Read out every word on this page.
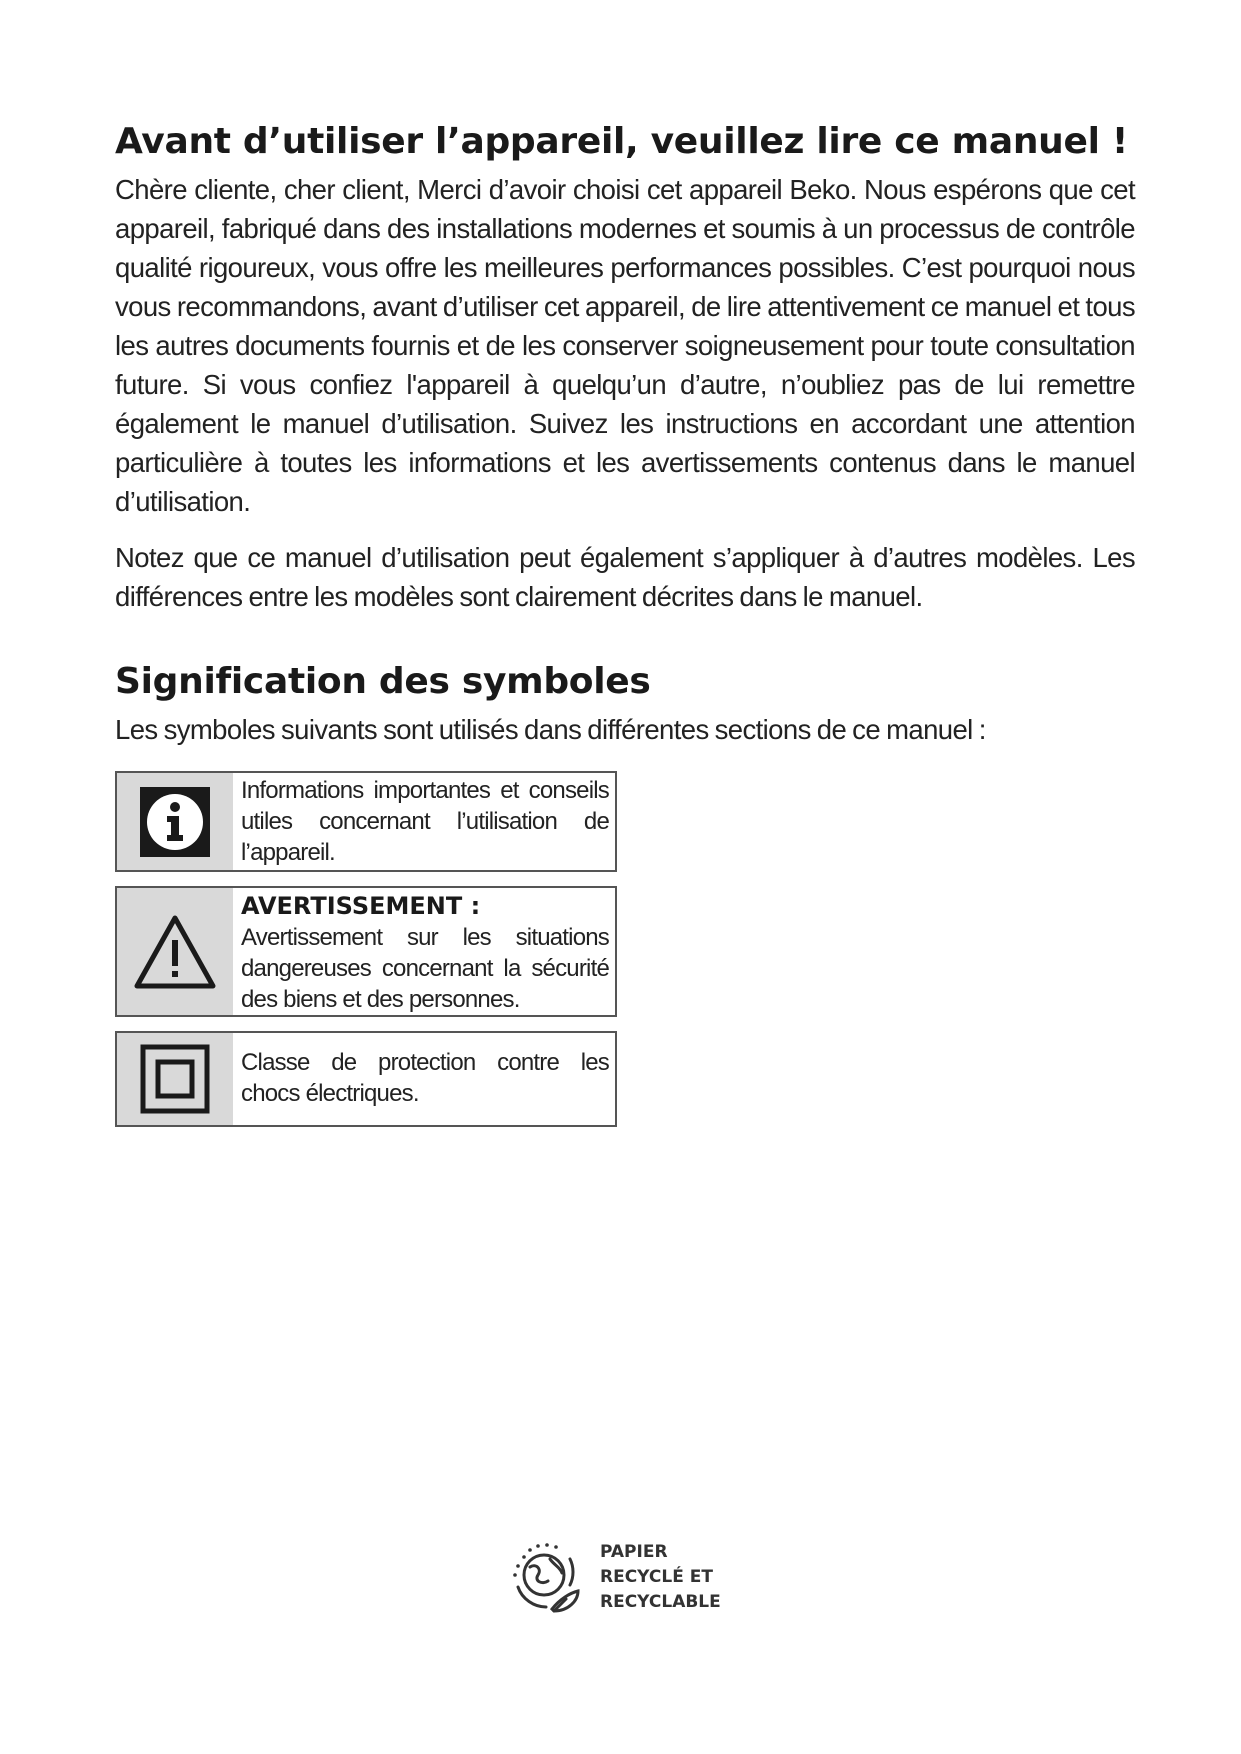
Avant d’utiliser l’appareil, veuillez lire ce manuel !

Chère cliente, cher client, Merci d’avoir choisi cet appareil Beko. Nous espérons que cet appareil, fabriqué dans des installations modernes et soumis à un processus de contrôle qualité rigoureux, vous offre les meilleures performances possibles. C’est pourquoi nous vous recommandons, avant d’utiliser cet appareil, de lire attentivement ce manuel et tous les autres documents fournis et de les conserver soigneusement pour toute consultation future. Si vous confiez l'appareil à quelqu’un d’autre, n’oubliez pas de lui remettre également le manuel d’utilisation. Suivez les instructions en accordant une attention particulière à toutes les informations et les avertissements contenus dans le manuel d’utilisation.

Notez que ce manuel d’utilisation peut également s’appliquer à d’autres modèles. Les différences entre les modèles sont clairement décrites dans le manuel.

Signification des symboles

Les symboles suivants sont utilisés dans différentes sections de ce manuel :

Informations importantes et conseils utiles concernant l’utilisation de l’appareil.
AVERTISSEMENT :
Avertissement sur les situations dangereuses concernant la sécurité des biens et des personnes.
Classe de protection contre les chocs électriques.
PAPIER
RECYCLÉ ET
RECYCLABLE
